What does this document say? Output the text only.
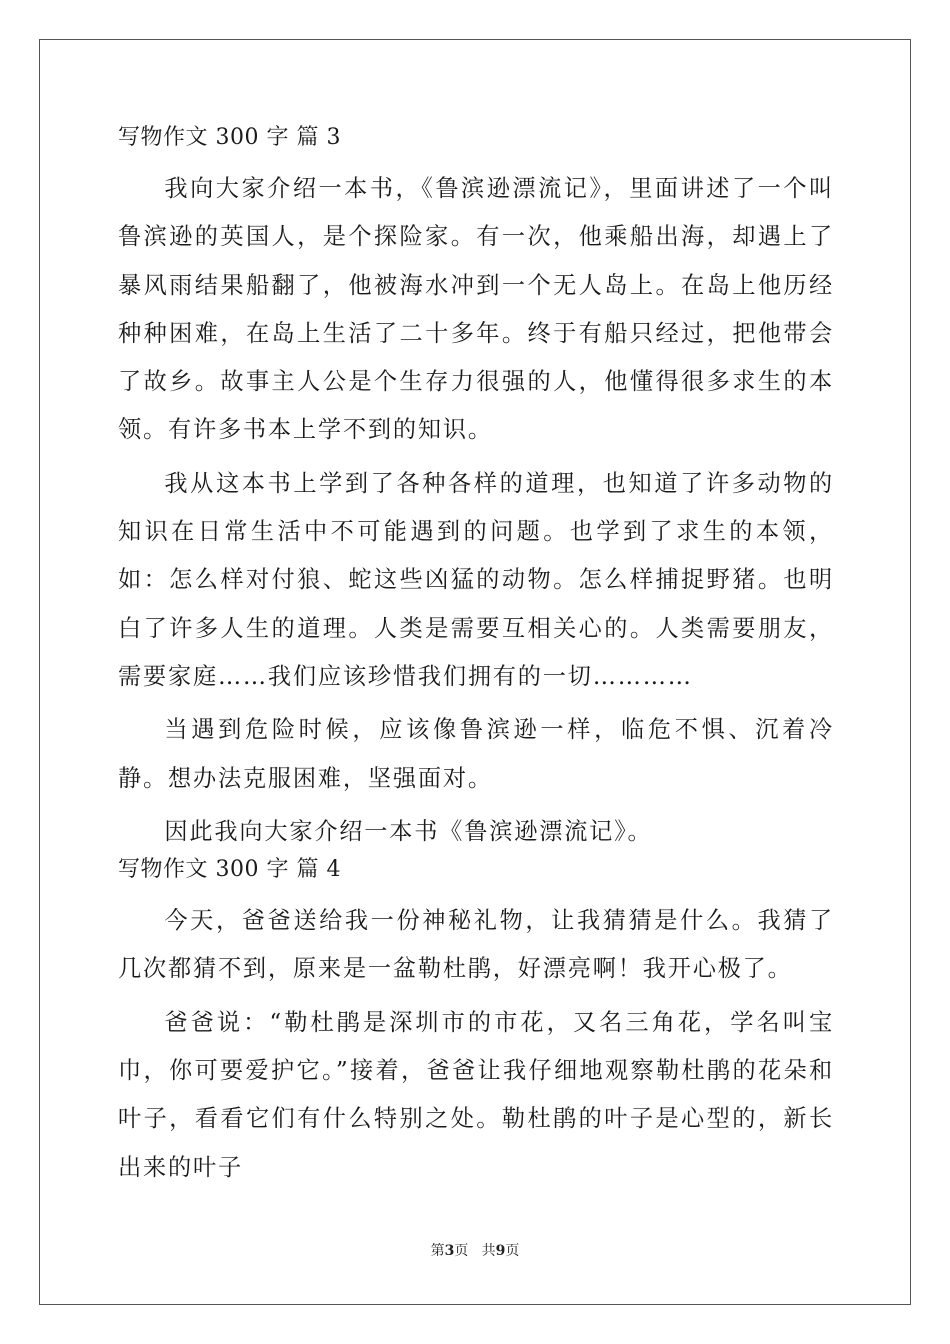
写物作文 300 字 篇 3

我向大家介绍一本书，《鲁滨逊漂流记》，里面讲述了一个叫鲁滨逊的英国人，是个探险家。有一次，他乘船出海，却遇上了暴风雨结果船翻了，他被海水冲到一个无人岛上。在岛上他历经种种困难，在岛上生活了二十多年。终于有船只经过，把他带会了故乡。故事主人公是个生存力很强的人，他懂得很多求生的本领。有许多书本上学不到的知识。

我从这本书上学到了各种各样的道理，也知道了许多动物的知识在日常生活中不可能遇到的问题。也学到了求生的本领，如：怎么样对付狼、蛇这些凶猛的动物。怎么样捕捉野猪。也明白了许多人生的道理。人类是需要互相关心的。人类需要朋友，需要家庭……我们应该珍惜我们拥有的一切…………

当遇到危险时候，应该像鲁滨逊一样，临危不惧、沉着冷静。想办法克服困难，坚强面对。

因此我向大家介绍一本书《鲁滨逊漂流记》。

写物作文 300 字 篇 4

今天，爸爸送给我一份神秘礼物，让我猜猜是什么。我猜了几次都猜不到，原来是一盆勒杜鹃，好漂亮啊！我开心极了。

爸爸说：“勒杜鹃是深圳市的市花，又名三角花，学名叫宝巾，你可要爱护它。”接着，爸爸让我仔细地观察勒杜鹃的花朵和叶子，看看它们有什么特别之处。勒杜鹃的叶子是心型的，新长出来的叶子

第3页   共9页
